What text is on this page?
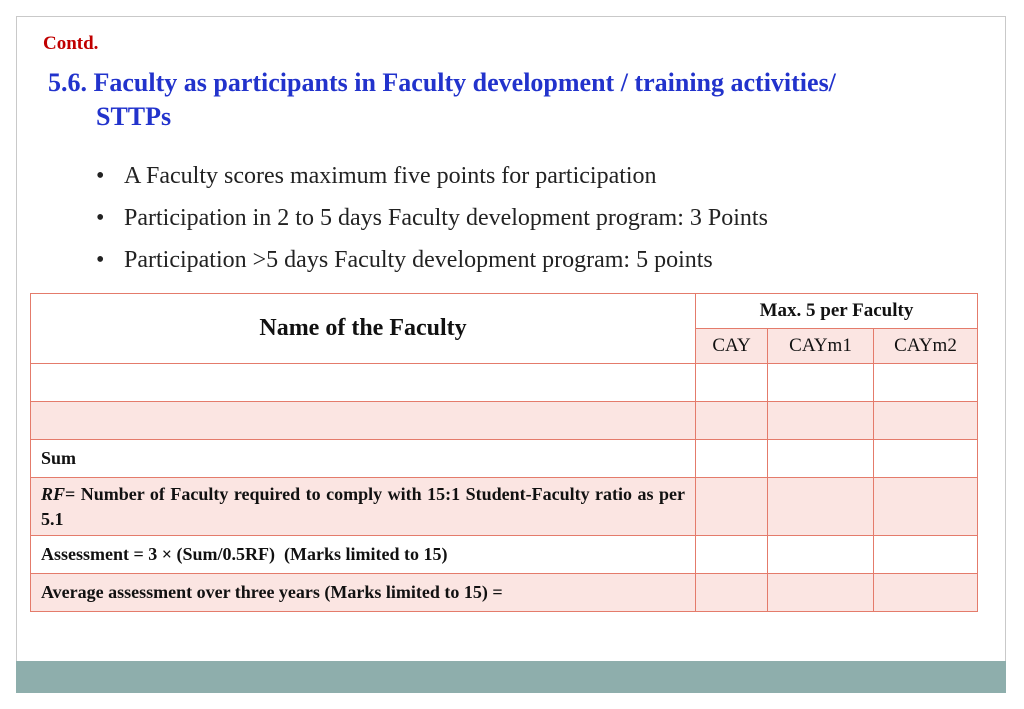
Contd.
5.6. Faculty as participants in Faculty development / training activities/
STTPs
• A Faculty scores maximum five points for participation
• Participation in 2 to 5 days Faculty development program: 3 Points
• Participation >5 days Faculty development program: 5 points
Name of the Faculty	Max. 5 per Faculty		
	CAY	CAYm1	CAYm2

Sum			
RF= Number of Faculty required to comply with 15:1 Student-Faculty ratio as per 5.1			
Assessment = 3 × (Sum/0.5RF)  (Marks limited to 15)			
Average assessment over three years (Marks limited to 15) =			
